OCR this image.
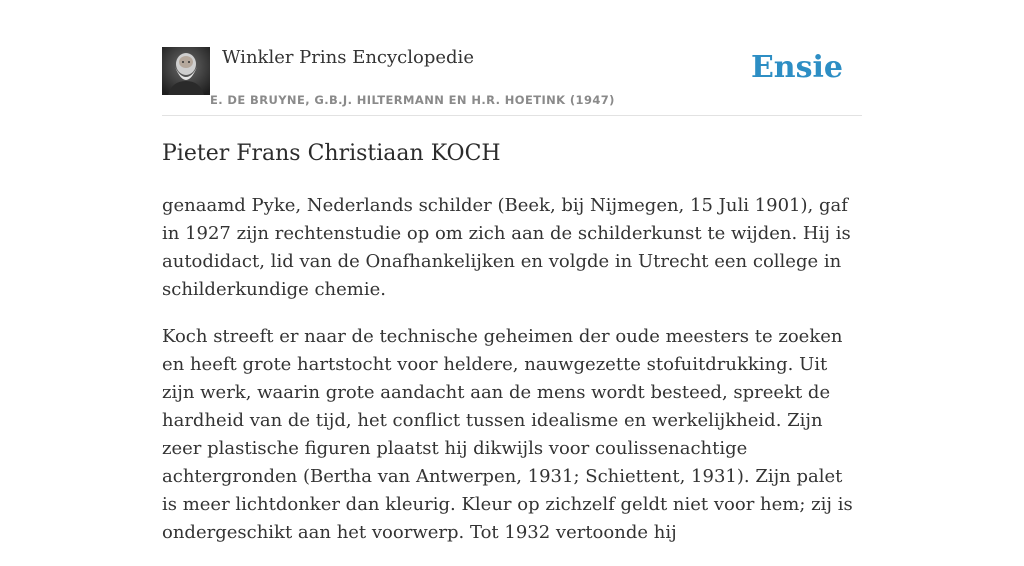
Winkler Prins Encyclopedie
E. DE BRUYNE, G.B.J. HILTERMANN EN H.R. HOETINK (1947)
Ensie
Pieter Frans Christiaan KOCH

genaamd Pyke, Nederlands schilder (Beek, bij Nijmegen, 15 Juli 1901), gaf in 1927 zijn rechtenstudie op om zich aan de schilderkunst te wijden. Hij is autodidact, lid van de Onafhankelijken en volgde in Utrecht een college in schilderkundige chemie.

Koch streeft er naar de technische geheimen der oude meesters te zoeken en heeft grote hartstocht voor heldere, nauwgezette stofuitdrukking. Uit zijn werk, waarin grote aandacht aan de mens wordt besteed, spreekt de hardheid van de tijd, het conflict tussen idealisme en werkelijkheid. Zijn zeer plastische figuren plaatst hij dikwijls voor coulissenachtige achtergronden (Bertha van Antwerpen, 1931; Schiettent, 1931). Zijn palet is meer lichtdonker dan kleurig. Kleur op zichzelf geldt niet voor hem; zij is ondergeschikt aan het voorwerp. Tot 1932 vertoonde hij
